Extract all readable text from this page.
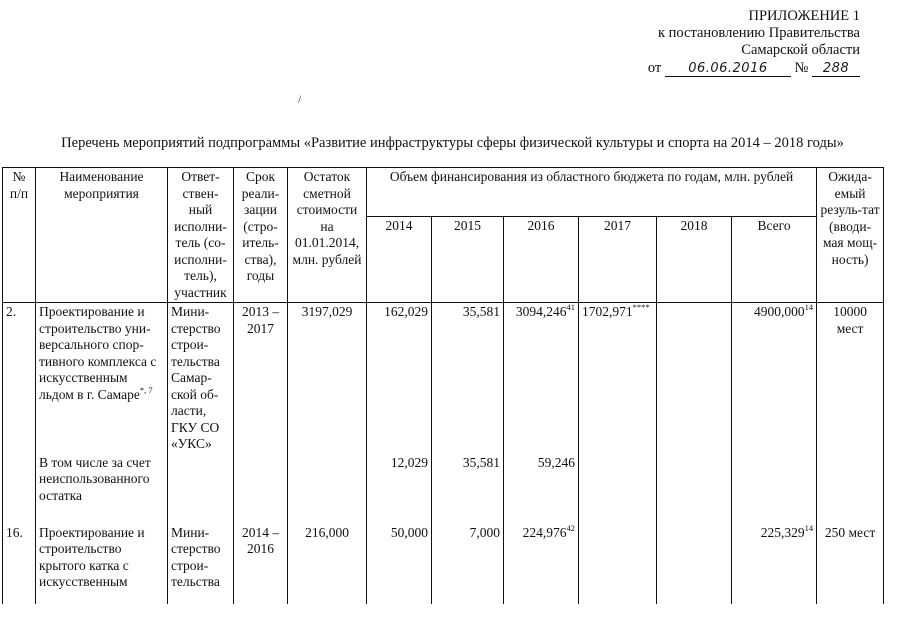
ПРИЛОЖЕНИЕ 1
к постановлению Правительства
Самарской области
от 06.06.2016 № 288
/
Перечень мероприятий подпрограммы «Развитие инфраструктуры сферы физической культуры и спорта на 2014 – 2018 годы»
№ п/п	Наименование мероприятия	Ответ-ствен-ный исполни-тель (со-исполни-тель), участник	Срок реали-зации (стро-итель-ства), годы	Остаток сметной стоимости на 01.01.2014, млн. рублей	Объем финансирования из областного бюджета по годам, млн. рублей						Ожида-емый резуль-тат (вводи-мая мощ-ность)
					2014	2015	2016	2017	2018	Всего	
2.	Проектирование и строительство уни-версального спор-тивного комплекса с искусственным льдом в г. Самаре$^{*, 7}$	Мини-стерство строи-тельства Самар-ской об-ласти, ГКУ СО «УКС»	2013 – 2017	3197,029	162,029	35,581	3094,246$^{41}$	1702,971****		4900,000$^{14}$	10000 мест
	В том числе за счет неиспользованного остатка				12,029	35,581	59,246				
16.	Проектирование и строительство крытого катка с искусственным	Мини-стерство строи-тельства	2014 – 2016	216,000	50,000	7,000	224,976$^{42}$			225,329$^{14}$	250 мест
